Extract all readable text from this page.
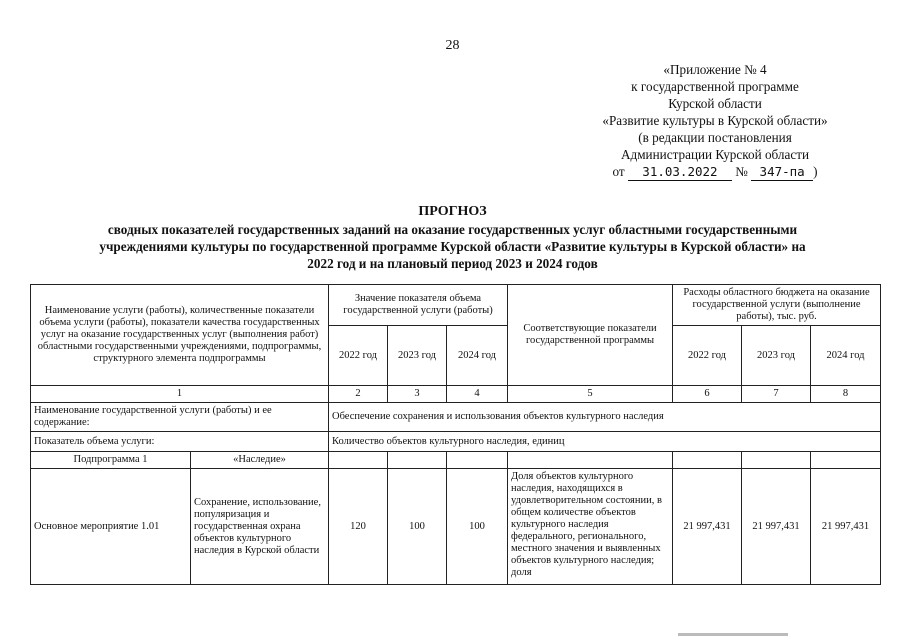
28
«Приложение № 4
к государственной программе
Курской области
«Развитие культуры в Курской области»
(в редакции постановления
Администрации Курской области
от 31.03.2022 № 347-па )
ПРОГНОЗ
сводных показателей государственных заданий на оказание государственных услуг областными государственными
учреждениями культуры по государственной программе Курской области «Развитие культуры в Курской области» на
2022 год и на плановый период 2023 и 2024 годов
Наименование услуги (работы), количественные показатели объема услуги (работы), показатели качества государственных услуг на оказание государственных услуг (выполнения работ) областными государственными учреждениями, подпрограммы, структурного элемента подпрограммы		Значение показателя объема государственной услуги (работы)			Соответствующие показатели государственной программы	Расходы областного бюджета на оказание государственной услуги (выполнение работы), тыс. руб.		
		2022 год	2023 год	2024 год		2022 год	2023 год	2024 год
1		2	3	4	5	6	7	8
Наименование государственной услуги (работы) и ее содержание:		Обеспечение сохранения и использования объектов культурного наследия						
Показатель объема услуги:		Количество объектов культурного наследия, единиц						
Подпрограмма 1	«Наследие»							
Основное мероприятие 1.01	Сохранение, использование, популяризация и государственная охрана объектов культурного наследия в Курской области	120	100	100	Доля объектов культурного наследия, находящихся в удовлетворительном состоянии, в общем количестве объектов культурного наследия федерального, регионального, местного значения и выявленных объектов культурного наследия; доля	21 997,431	21 997,431	21 997,431
